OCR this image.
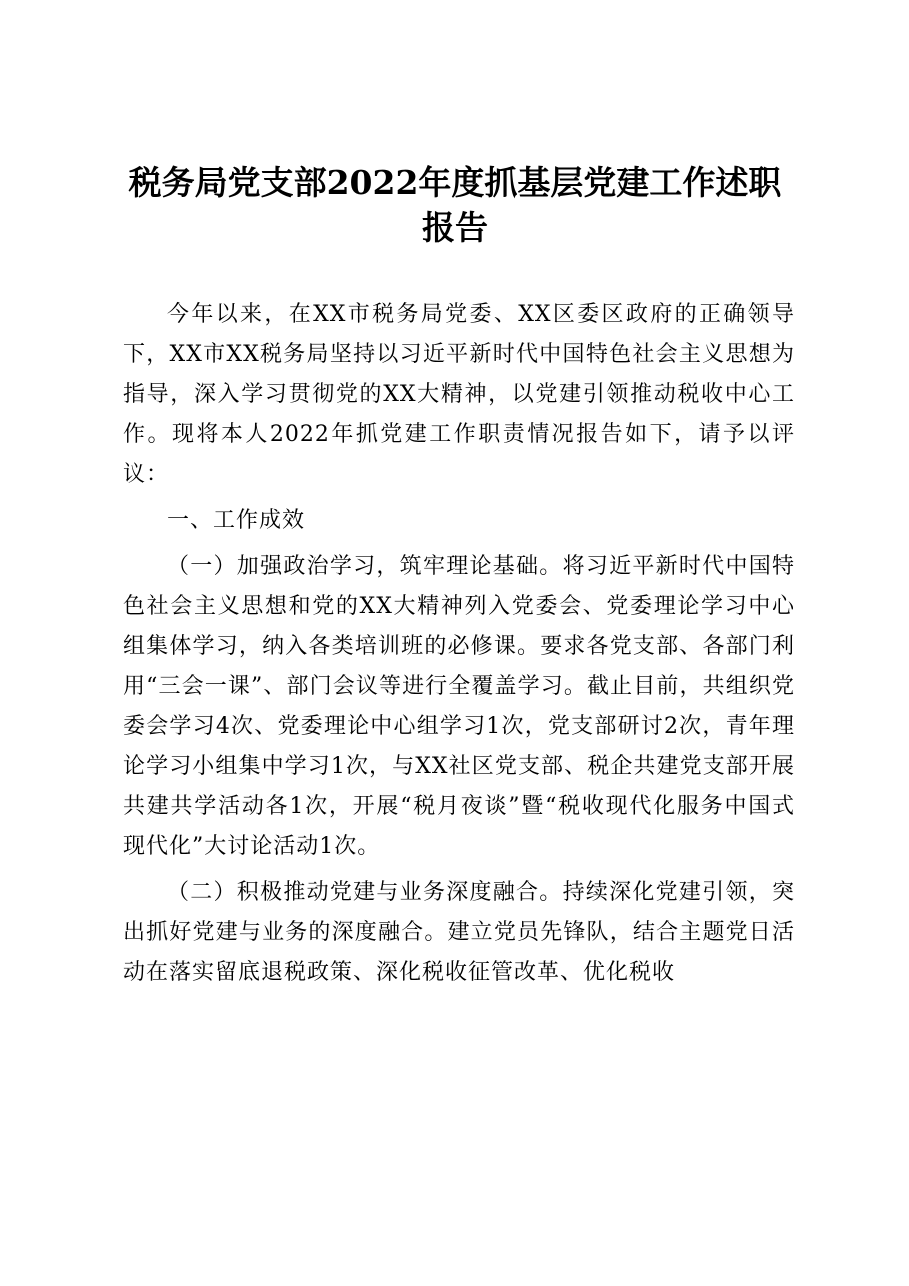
税务局党支部2022年度抓基层党建工作述职报告

今年以来，在XX市税务局党委、XX区委区政府的正确领导下，XX市XX税务局坚持以习近平新时代中国特色社会主义思想为指导，深入学习贯彻党的XX大精神，以党建引领推动税收中心工作。现将本人2022年抓党建工作职责情况报告如下，请予以评议：

一、工作成效

（一）加强政治学习，筑牢理论基础。将习近平新时代中国特色社会主义思想和党的XX大精神列入党委会、党委理论学习中心组集体学习，纳入各类培训班的必修课。要求各党支部、各部门利用“三会一课”、部门会议等进行全覆盖学习。截止目前，共组织党委会学习4次、党委理论中心组学习1次，党支部研讨2次，青年理论学习小组集中学习1次，与XX社区党支部、税企共建党支部开展共建共学活动各1次，开展“税月夜谈”暨“税收现代化服务中国式现代化”大讨论活动1次。

（二）积极推动党建与业务深度融合。持续深化党建引领，突出抓好党建与业务的深度融合。建立党员先锋队，结合主题党日活动在落实留底退税政策、深化税收征管改革、优化税收
